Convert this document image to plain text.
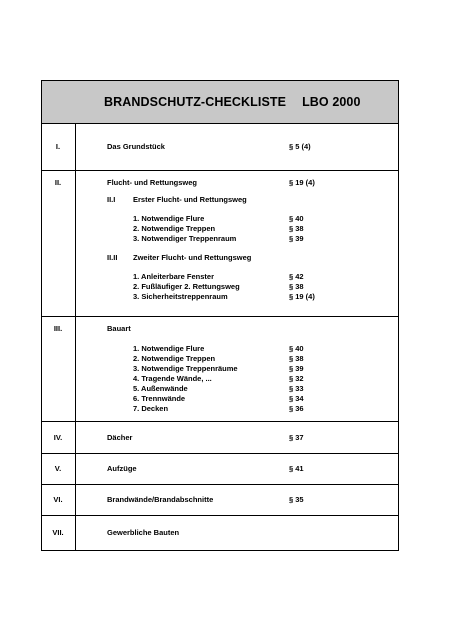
BRANDSCHUTZ-CHECKLISTE LBO 2000
I.	Das Grundstück	§ 5 (4)
II.	Flucht- und Rettungsweg	§ 19 (4)
II.I Erster Flucht- und Rettungsweg
1. Notwendige Flure	§ 40
2. Notwendige Treppen	§ 38
3. Notwendiger Treppenraum	§ 39
II.II Zweiter Flucht- und Rettungsweg
1. Anleiterbare Fenster	§ 42
2. Fußläufiger 2. Rettungsweg	§ 38
3. Sicherheitstreppenraum	§ 19 (4)
III.	Bauart
1. Notwendige Flure	§ 40
2. Notwendige Treppen	§ 38
3. Notwendige Treppenräume	§ 39
4. Tragende Wände, ...	§ 32
5. Außenwände	§ 33
6. Trennwände	§ 34
7. Decken	§ 36
IV.	Dächer	§ 37
V.	Aufzüge	§ 41
VI.	Brandwände/Brandabschnitte	§ 35
VII.	Gewerbliche Bauten
